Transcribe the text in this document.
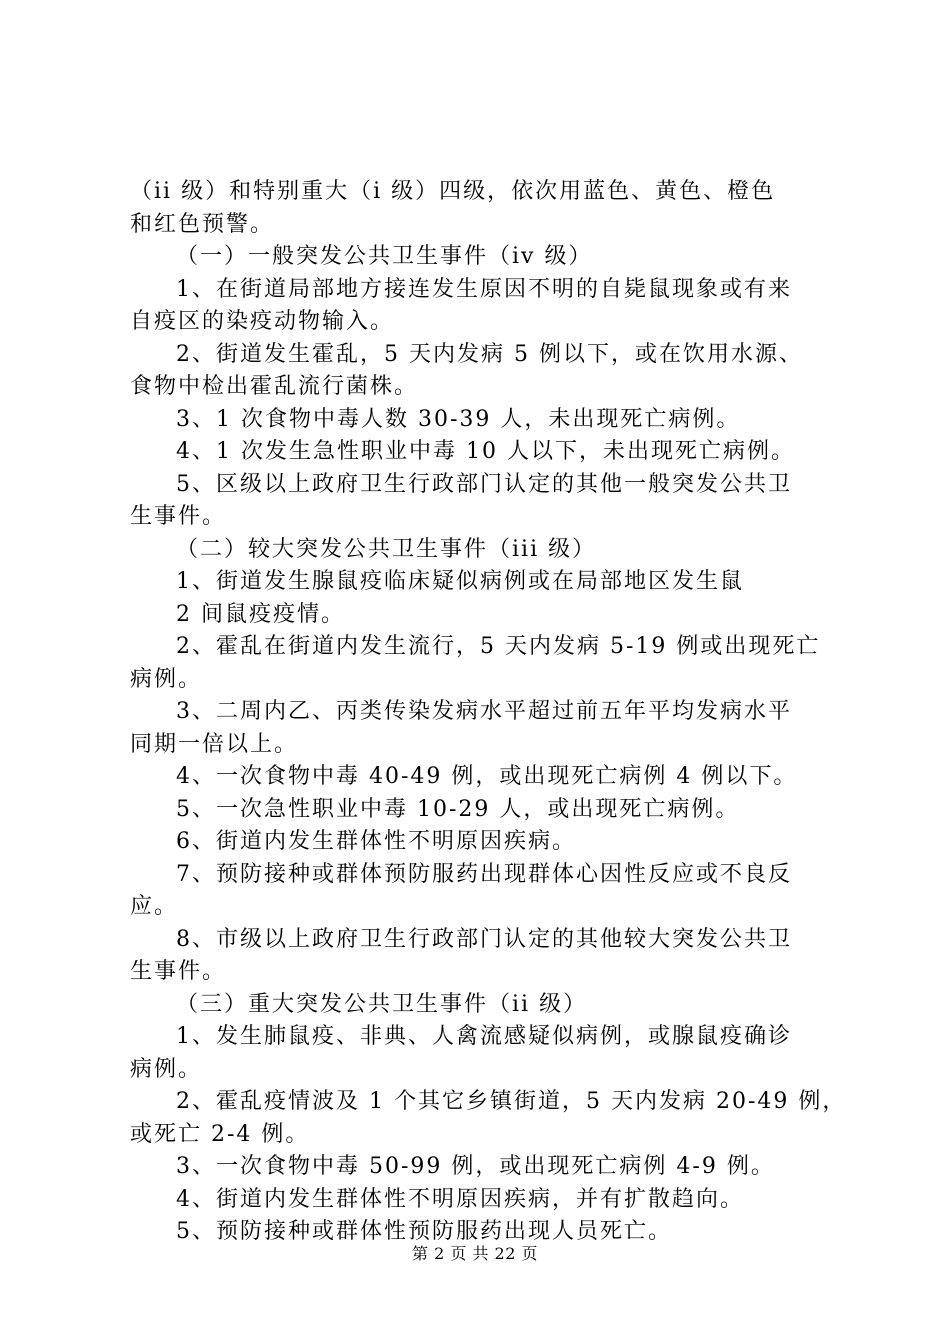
（ii 级）和特别重大（i 级）四级，依次用蓝色、黄色、橙色
和红色预警。
（一）一般突发公共卫生事件（iv 级）
1、在街道局部地方接连发生原因不明的自毙鼠现象或有来
自疫区的染疫动物输入。
2、街道发生霍乱，5 天内发病 5 例以下，或在饮用水源、
食物中检出霍乱流行菌株。
3、1 次食物中毒人数 30-39 人，未出现死亡病例。
4、1 次发生急性职业中毒 10 人以下，未出现死亡病例。
5、区级以上政府卫生行政部门认定的其他一般突发公共卫
生事件。
（二）较大突发公共卫生事件（iii 级）
1、街道发生腺鼠疫临床疑似病例或在局部地区发生鼠
2 间鼠疫疫情。
2、霍乱在街道内发生流行，5 天内发病 5-19 例或出现死亡
病例。
3、二周内乙、丙类传染发病水平超过前五年平均发病水平
同期一倍以上。
4、一次食物中毒 40-49 例，或出现死亡病例 4 例以下。
5、一次急性职业中毒 10-29 人，或出现死亡病例。
6、街道内发生群体性不明原因疾病。
7、预防接种或群体预防服药出现群体心因性反应或不良反
应。
8、市级以上政府卫生行政部门认定的其他较大突发公共卫
生事件。
（三）重大突发公共卫生事件（ii 级）
1、发生肺鼠疫、非典、人禽流感疑似病例，或腺鼠疫确诊
病例。
2、霍乱疫情波及 1 个其它乡镇街道，5 天内发病 20-49 例，
或死亡 2-4 例。
3、一次食物中毒 50-99 例，或出现死亡病例 4-9 例。
4、街道内发生群体性不明原因疾病，并有扩散趋向。
5、预防接种或群体性预防服药出现人员死亡。
第 2 页 共 22 页
